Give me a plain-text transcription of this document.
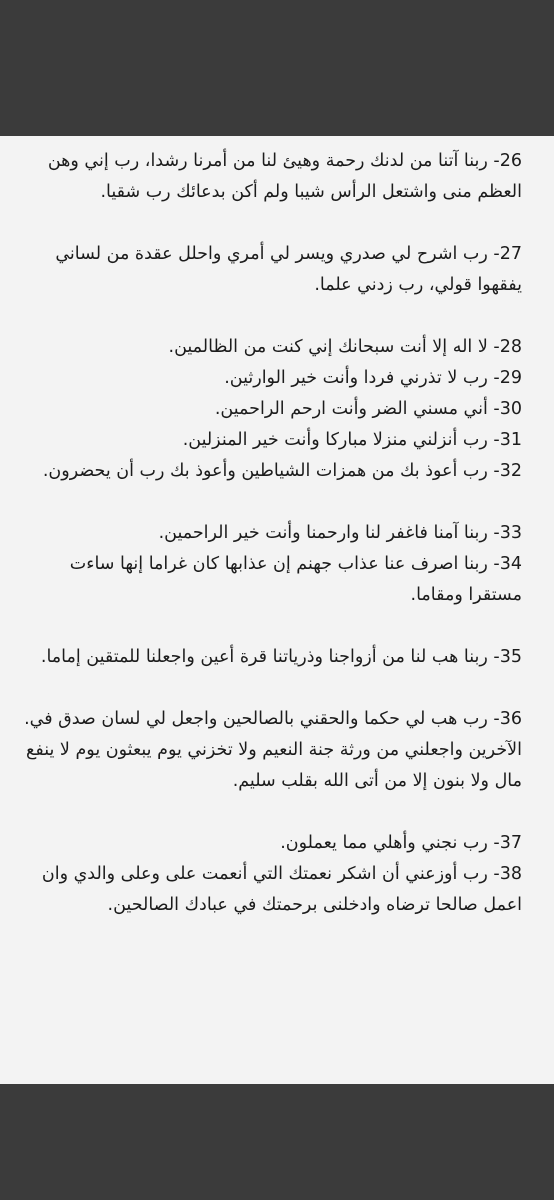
26- ربنا آتنا من لدنك رحمة وهيئ لنا من أمرنا رشدا، رب إني وهن العظم منى واشتعل الرأس شيبا ولم أكن بدعائك رب شقيا.

27- رب اشرح لي صدري ويسر لي أمري واحلل عقدة من لساني يفقهوا قولي، رب زدني علما.

28- لا اله إلا أنت سبحانك إني كنت من الظالمين.

29- رب لا تذرني فردا وأنت خير الوارثين.

30- أني مسني الضر وأنت ارحم الراحمين.

31- رب أنزلني منزلا مباركا وأنت خير المنزلين.

32- رب أعوذ بك من همزات الشياطين وأعوذ بك رب أن يحضرون.

33- ربنا آمنا فاغفر لنا وارحمنا وأنت خير الراحمين.

34- ربنا اصرف عنا عذاب جهنم إن عذابها كان غراما إنها ساءت مستقرا ومقاما.

35- ربنا هب لنا من أزواجنا وذرياتنا قرة أعين واجعلنا للمتقين إماما.

36- رب هب لي حكما والحقني بالصالحين واجعل لي لسان صدق في. الآخرين واجعلني من ورثة جنة النعيم ولا تخزني يوم يبعثون يوم لا ينفع مال ولا بنون إلا من أتى الله بقلب سليم.

37- رب نجني وأهلي مما يعملون.

38- رب أوزعني أن اشكر نعمتك التي أنعمت على وعلى والدي وان اعمل صالحا ترضاه وادخلنى برحمتك في عبادك الصالحين.
